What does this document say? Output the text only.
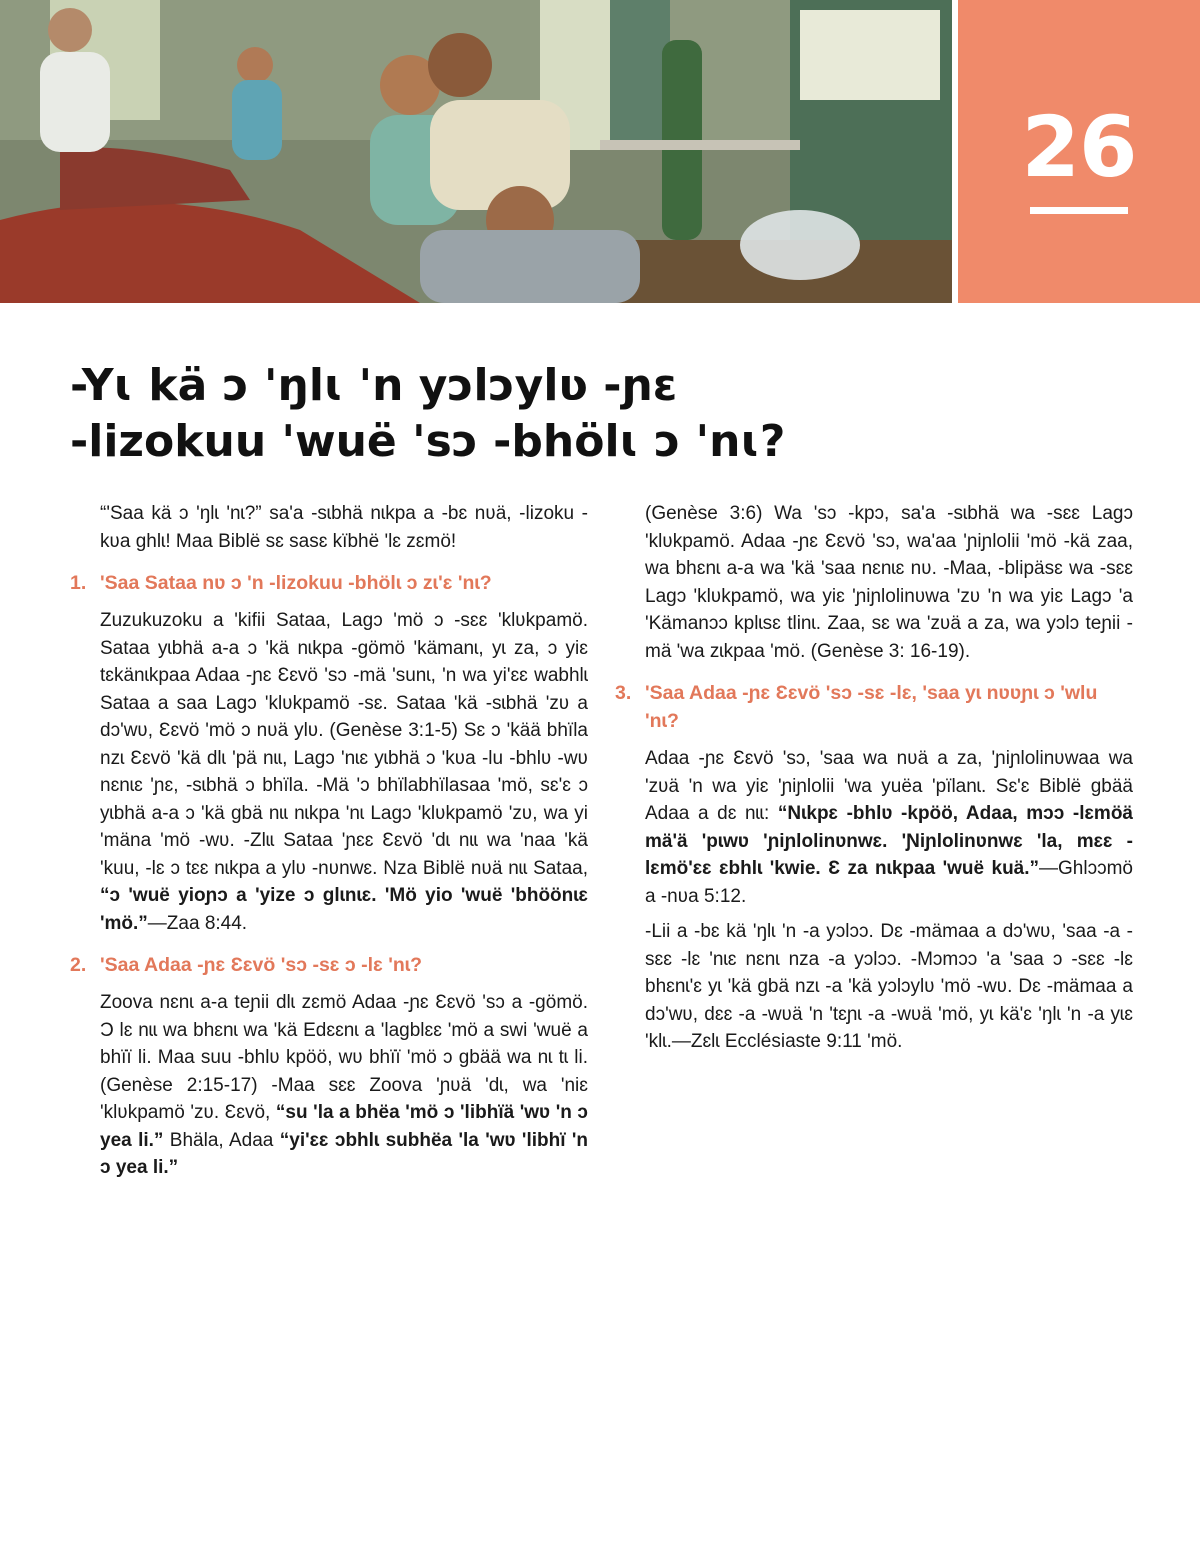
26
-Yɩ kä ɔ 'ŋlɩ 'n yɔlɔylʋ -ɲɛ
-lizokuu 'wuë 'sɔ -bhölɩ ɔ 'nɩ?

“'Saa kä ɔ 'ŋlɩ 'nɩ?” sa'a -sɩbhä nɩkpa a -bɛ nʋä, -lizoku -kʋa ghlɩ! Maa Biblë sɛ sasɛ kïbhë 'lɛ zɛmö!

1. 'Saa Sataa nʋ ɔ 'n -lizokuu -bhölɩ ɔ zɩ'ɛ 'nɩ?

Zuzukuzoku a 'kifii Sataa, Lagɔ 'mö ɔ -sɛɛ 'klʋkpamö. Sataa yɩbhä a-a ɔ 'kä nɩkpa -gömö 'kämanɩ, yɩ za, ɔ yiɛ tɛkänɩkpaa Adaa -ɲɛ Ɛɛvö 'sɔ -mä 'sunɩ, 'n wa yi'ɛɛ wabhlɩ Sataa a saa Lagɔ 'klʋkpamö -sɛ. Sataa 'kä -sɩbhä 'zʋ a dɔ'wʋ, Ɛɛvö 'mö ɔ nʋä ylʋ. (Genèse 3:1-5) Sɛ ɔ 'kää bhïla nzɩ Ɛɛvö 'kä dlɩ 'pä nɩɩ, Lagɔ 'nɩɛ yɩbhä ɔ 'kʋa -lu -bhlʋ -wʋ nɛnɩɛ 'ɲɛ, -sɩbhä ɔ bhïla. -Mä 'ɔ bhïlabhïlasaa 'mö, sɛ'ɛ ɔ yɩbhä a-a ɔ 'kä gbä nɩɩ nɩkpa 'nɩ Lagɔ 'klʋkpamö 'zʋ, wa yi 'mäna 'mö -wʋ. -Zlɩɩ Sataa 'ɲɛɛ Ɛɛvö 'dɩ nɩɩ wa 'naa 'kä 'kuu, -lɛ ɔ tɛɛ nɩkpa a ylʋ -nʋnwɛ. Nza Biblë nʋä nɩɩ Sataa, “ɔ 'wuë yioɲɔ a 'yize ɔ glɩnɩɛ. 'Mö yio 'wuë 'bhöönɩɛ 'mö.”—Zaa 8:44.

2. 'Saa Adaa -ɲɛ Ɛɛvö 'sɔ -sɛ ɔ -lɛ 'nɩ?

Zoova nɛnɩ a-a teɲii dlɩ zɛmö Adaa -ɲɛ Ɛɛvö 'sɔ a -gömö. Ɔ lɛ nɩɩ wa bhɛnɩ wa 'kä Edɛɛnɩ a 'lagblɛɛ 'mö a swi 'wuë a bhïï li. Maa suu -bhlʋ kpöö, wʋ bhïï 'mö ɔ gbää wa nɩ tɩ li. (Genèse 2:15-17) -Maa sɛɛ Zoova 'ɲʋä 'dɩ, wa 'niɛ 'klʋkpamö 'zʋ. Ɛɛvö, “su 'la a bhëa 'mö ɔ 'libhïä 'wʋ 'n ɔ yea li.” Bhäla, Adaa “yi'ɛɛ ɔbhlɩ subhëa 'la 'wʋ 'libhï 'n ɔ yea li.”

(Genèse 3:6) Wa 'sɔ -kpɔ, sa'a -sɩbhä wa -sɛɛ Lagɔ 'klʋkpamö. Adaa -ɲɛ Ɛɛvö 'sɔ, wa'aa 'ɲiɲlolii 'mö -kä zaa, wa bhɛnɩ a-a wa 'kä 'saa nɛnɩɛ nʋ. -Maa, -blipäsɛ wa -sɛɛ Lagɔ 'klʋkpamö, wa yiɛ 'ɲiɲlolinʋwa 'zʋ 'n wa yiɛ Lagɔ 'a 'Kämanɔɔ kplɩsɛ tlinɩ. Zaa, sɛ wa 'zʋä a za, wa yɔlɔ teɲii -mä 'wa zɩkpaa 'mö. (Genèse 3: 16-19).

3. 'Saa Adaa -ɲɛ Ɛɛvö 'sɔ -sɛ -lɛ, 'saa yɩ nʋʋɲɩ ɔ 'wlu 'nɩ?

Adaa -ɲɛ Ɛɛvö 'sɔ, 'saa wa nʋä a za, 'ɲiɲlolinʋwaa wa 'zʋä 'n wa yiɛ 'ɲiɲlolii 'wa yuëa 'pïlanɩ. Sɛ'ɛ Biblë gbää Adaa a dɛ nɩɩ: “Nɩkpɛ -bhlʋ -kpöö, Adaa, mɔɔ -lɛmöä mä'ä 'pɩwʋ 'ɲiɲlolinʋnwɛ. 'Ɲiɲlolinʋnwɛ 'la, mɛɛ -lɛmö'ɛɛ ɛbhlɩ 'kwie. Ɛ za nɩkpaa 'wuë kuä.”—Ghlɔɔmö a -nʋa 5:12.

-Lii a -bɛ kä 'ŋlɩ 'n -a yɔlɔɔ. Dɛ -mämaa a dɔ'wʋ, 'saa -a -sɛɛ -lɛ 'nɩɛ nɛnɩ nza -a yɔlɔɔ. -Mɔmɔɔ 'a 'saa ɔ -sɛɛ -lɛ bhɛnɩ'ɛ yɩ 'kä gbä nzɩ -a 'kä yɔlɔylʋ 'mö -wʋ. Dɛ -mämaa a dɔ'wʋ, dɛɛ -a -wʋä 'n 'tɛɲɩ -a -wʋä 'mö, yɩ kä'ɛ 'ŋlɩ 'n -a yɩɛ 'klɩ.—Zɛlɩ Ecclésiaste 9:11 'mö.
